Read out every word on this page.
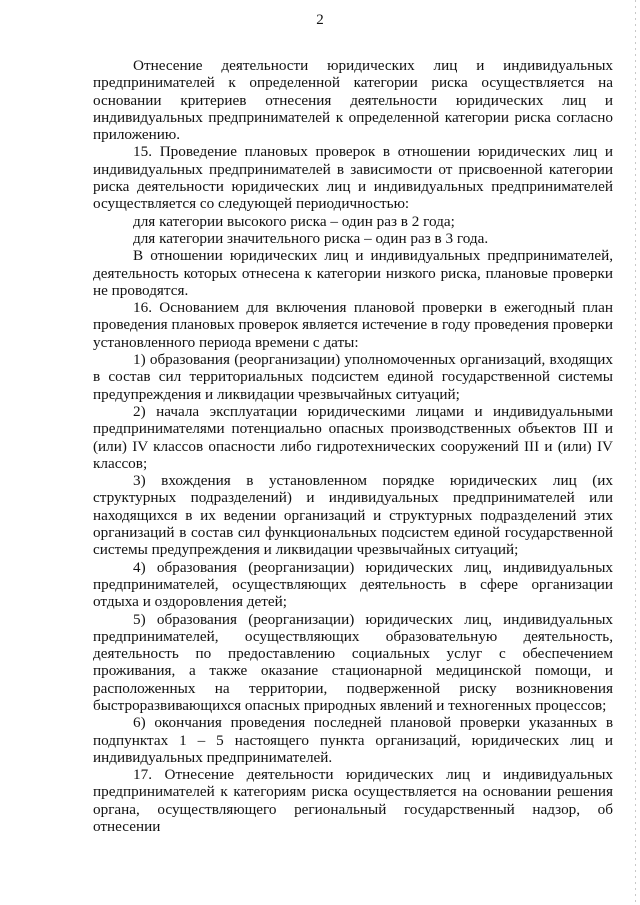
2

Отнесение деятельности юридических лиц и индивидуальных предпринимателей к определенной категории риска осуществляется на основании критериев отнесения деятельности юридических лиц и индивидуальных предпринимателей к определенной категории риска согласно приложению.

15. Проведение плановых проверок в отношении юридических лиц и индивидуальных предпринимателей в зависимости от присвоенной категории риска деятельности юридических лиц и индивидуальных предпринимателей осуществляется со следующей периодичностью:

для категории высокого риска – один раз в 2 года;

для категории значительного риска – один раз в 3 года.

В отношении юридических лиц и индивидуальных предпринимателей, деятельность которых отнесена к категории низкого риска, плановые проверки не проводятся.

16. Основанием для включения плановой проверки в ежегодный план проведения плановых проверок является истечение в году проведения проверки установленного периода времени с даты:

1) образования (реорганизации) уполномоченных организаций, входящих в состав сил территориальных подсистем единой государственной системы предупреждения и ликвидации чрезвычайных ситуаций;

2) начала эксплуатации юридическими лицами и индивидуальными предпринимателями потенциально опасных производственных объектов III и (или) IV классов опасности либо гидротехнических сооружений III и (или) IV классов;

3) вхождения в установленном порядке юридических лиц (их структурных подразделений) и индивидуальных предпринимателей или находящихся в их ведении организаций и структурных подразделений этих организаций в состав сил функциональных подсистем единой государственной системы предупреждения и ликвидации чрезвычайных ситуаций;

4) образования (реорганизации) юридических лиц, индивидуальных предпринимателей, осуществляющих деятельность в сфере организации отдыха и оздоровления детей;

5) образования (реорганизации) юридических лиц, индивидуальных предпринимателей, осуществляющих образовательную деятельность, деятельность по предоставлению социальных услуг с обеспечением проживания, а также оказание стационарной медицинской помощи, и расположенных на территории, подверженной риску возникновения быстроразвивающихся опасных природных явлений и техногенных процессов;

6) окончания проведения последней плановой проверки указанных в подпунктах 1 – 5 настоящего пункта организаций, юридических лиц и индивидуальных предпринимателей.

17. Отнесение деятельности юридических лиц и индивидуальных предпринимателей к категориям риска осуществляется на основании решения органа, осуществляющего региональный государственный надзор, об отнесении
